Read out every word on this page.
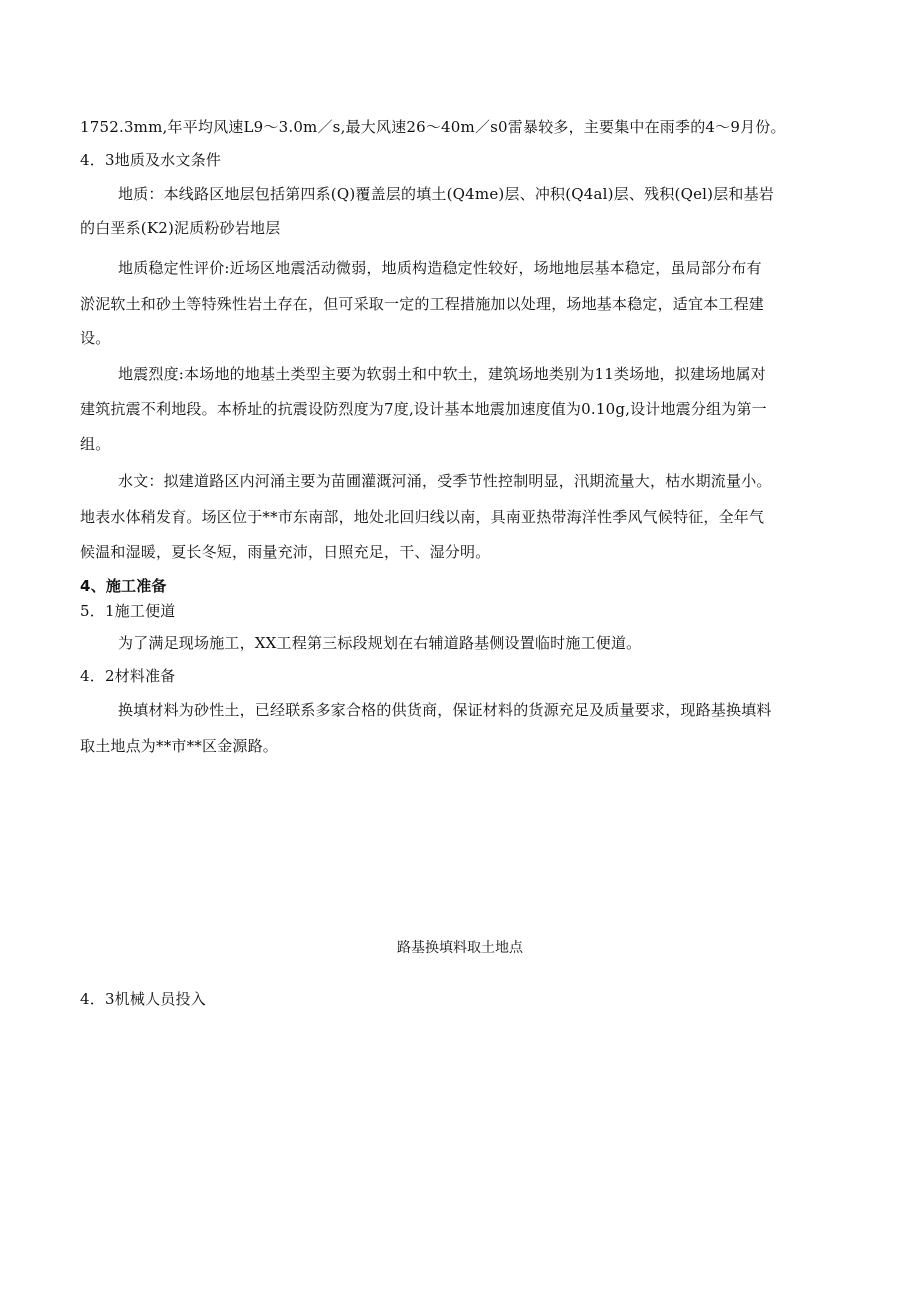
1752.3mm,年平均风速L9～3.0m／s,最大风速26～40m／s0雷暴较多，主要集中在雨季的4～9月份。
4．3地质及水文条件
地质：本线路区地层包括第四系(Q)覆盖层的填土(Q4me)层、冲积(Q4al)层、残积(Qel)层和基岩
的白垩系(K2)泥质粉砂岩地层
地质稳定性评价:近场区地震活动微弱，地质构造稳定性较好，场地地层基本稳定，虽局部分布有
淤泥软土和砂土等特殊性岩土存在，但可采取一定的工程措施加以处理，场地基本稳定，适宜本工程建
设。
地震烈度:本场地的地基土类型主要为软弱土和中软土，建筑场地类别为11类场地，拟建场地属对
建筑抗震不利地段。本桥址的抗震设防烈度为7度,设计基本地震加速度值为0.10g,设计地震分组为第一
组。
水文：拟建道路区内河涌主要为苗圃灌溉河涌，受季节性控制明显，汛期流量大，枯水期流量小。
地表水体稍发育。场区位于**市东南部，地处北回归线以南，具南亚热带海洋性季风气候特征，全年气
候温和湿暖，夏长冬短，雨量充沛，日照充足，干、湿分明。
4、施工准备
5．1施工便道
为了满足现场施工，XX工程第三标段规划在右辅道路基侧设置临时施工便道。
4．2材料准备
换填材料为砂性土，已经联系多家合格的供货商，保证材料的货源充足及质量要求，现路基换填料
取土地点为**市**区金源路。
路基换填料取土地点
4．3机械人员投入
